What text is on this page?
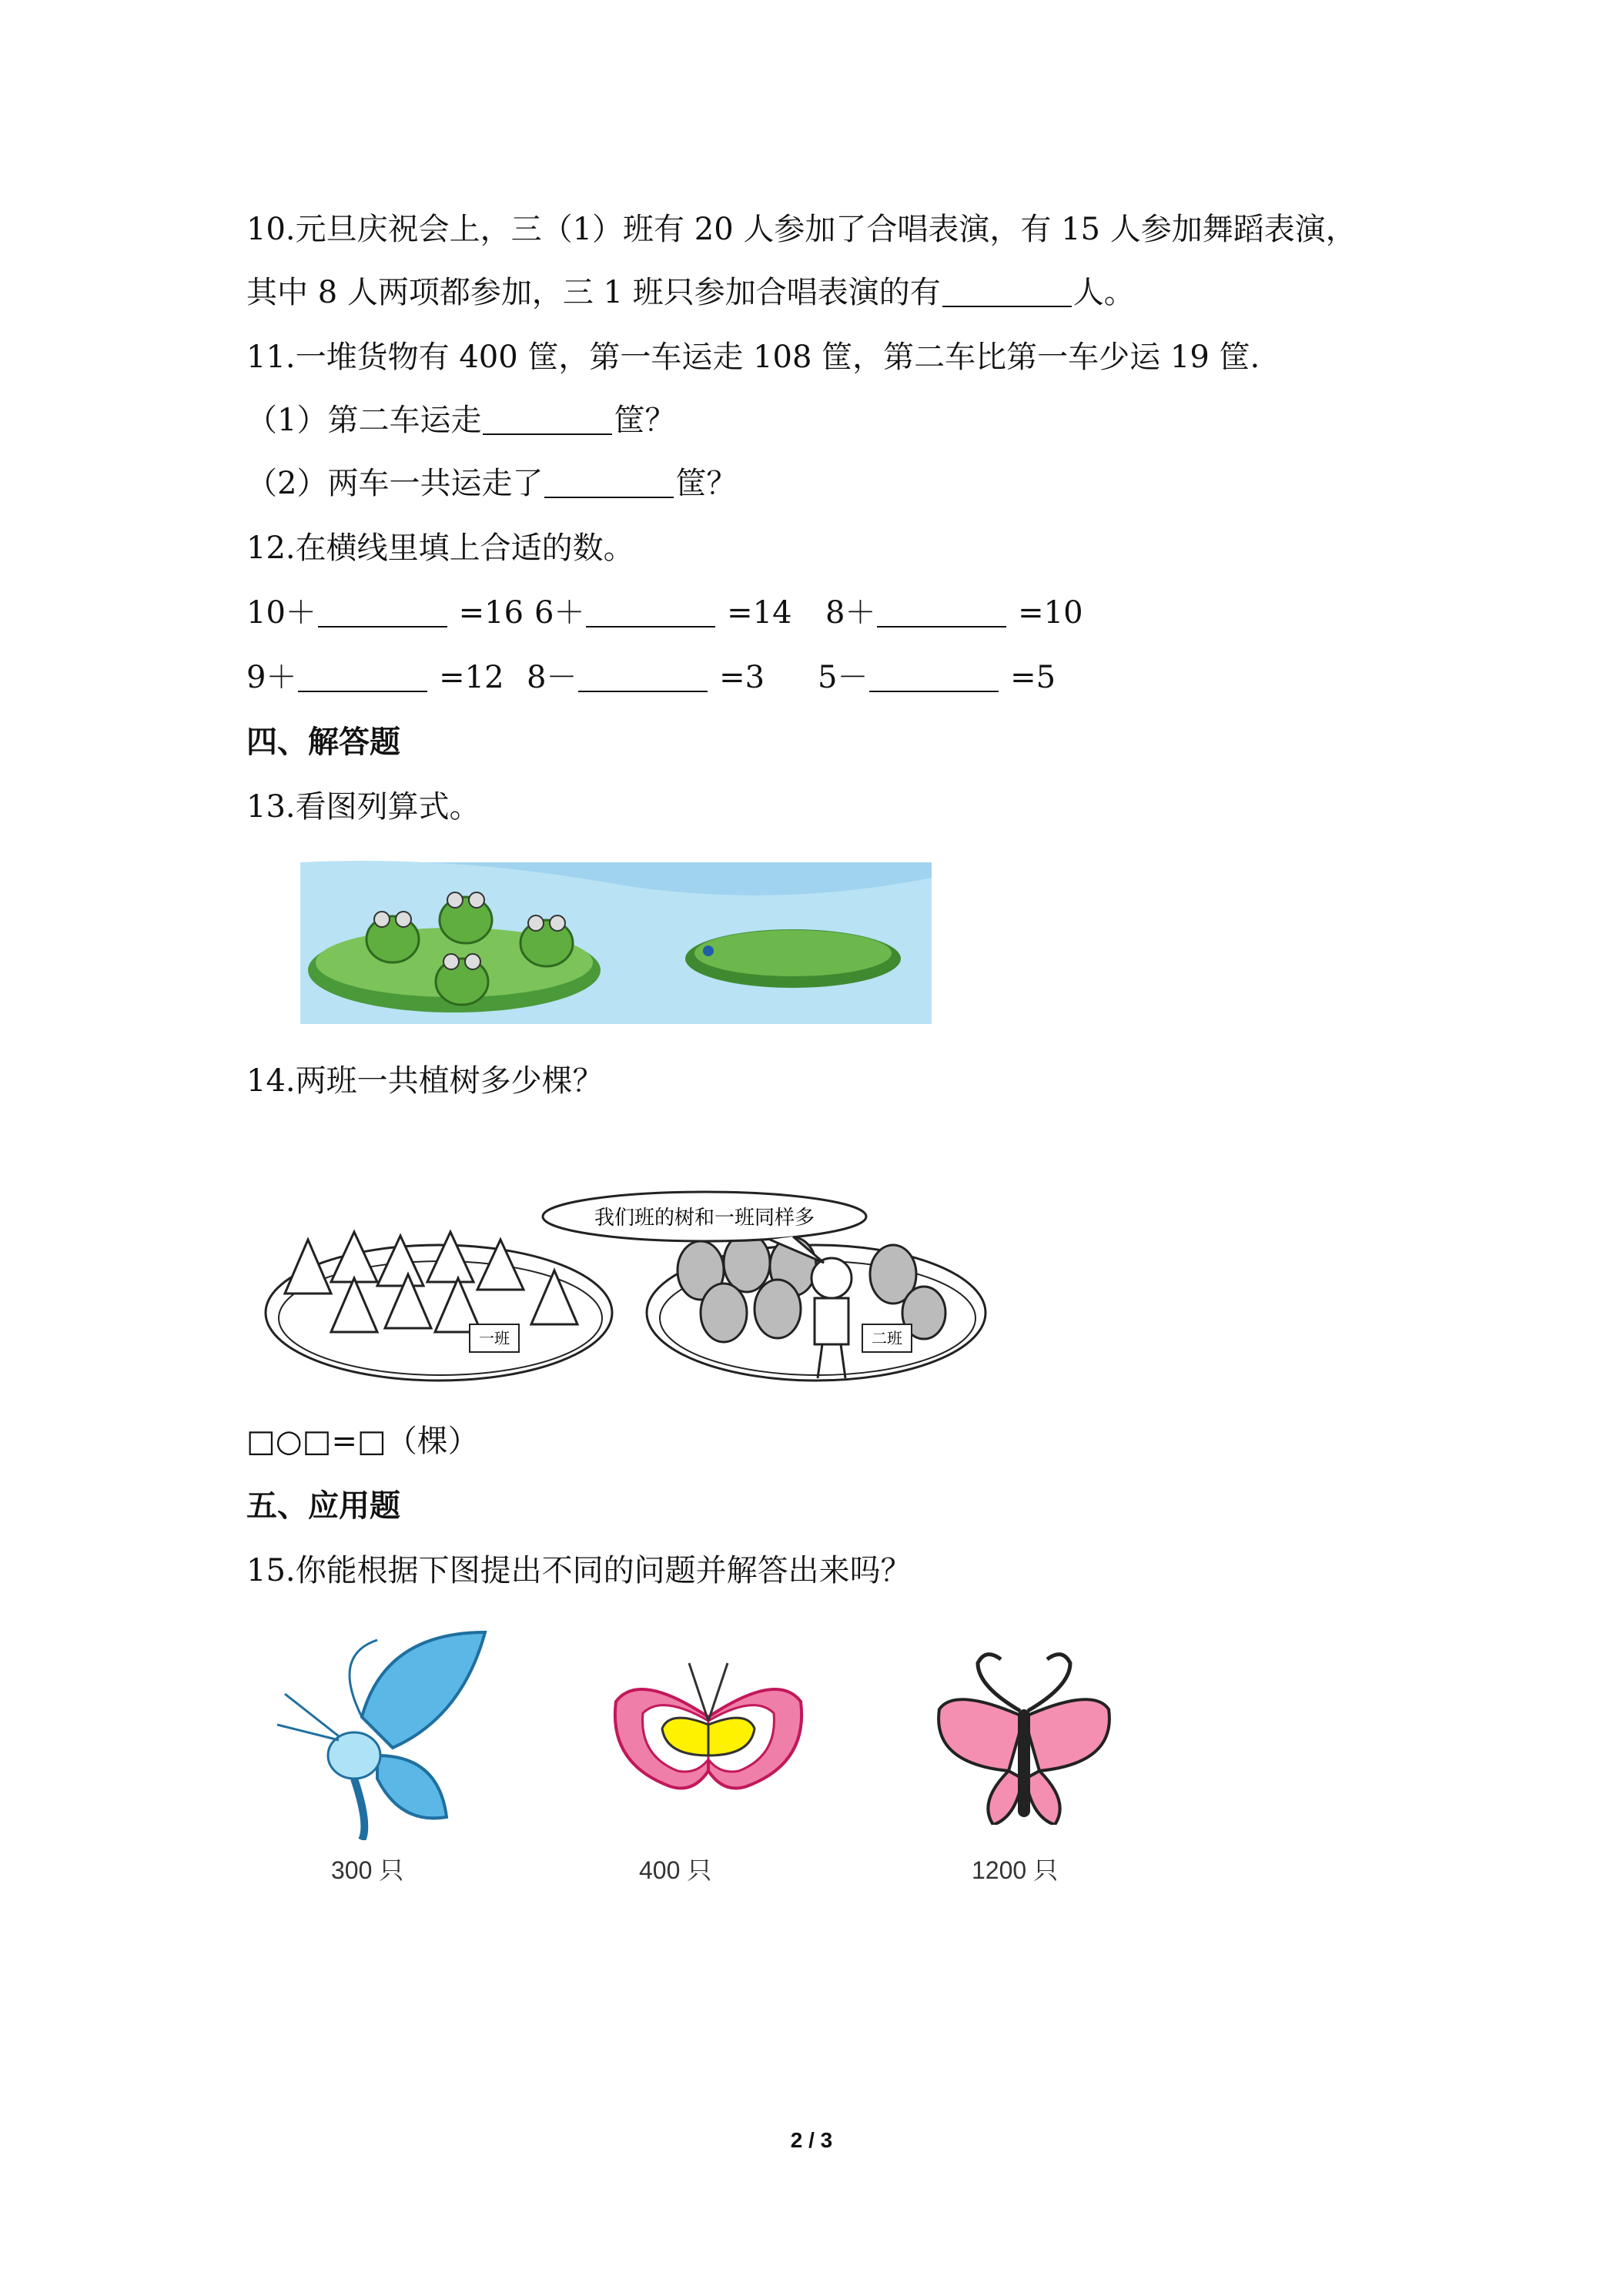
10.元旦庆祝会上，三（1）班有 20 人参加了合唱表演，有 15 人参加舞蹈表演，
其中 8 人两项都参加，三 1 班只参加合唱表演的有	人。
11.一堆货物有 400 筐，第一车运走 108 筐，第二车比第一车少运 19 筐.
（1）第二车运走	筐？
（2）两车一共运走了	筐？
12.在横线里填上合适的数。
10＋	=16 6＋	=14 8＋	=10
9＋	=12 8－	=3 5－	=5
四、解答题
13.看图列算式。
14.两班一共植树多少棵？
一班	二班
我们班的树和一班同样多
□○□=□（棵）
五、应用题
15.你能根据下图提出不同的问题并解答出来吗？
300 只	400 只	1200 只
2 / 3
